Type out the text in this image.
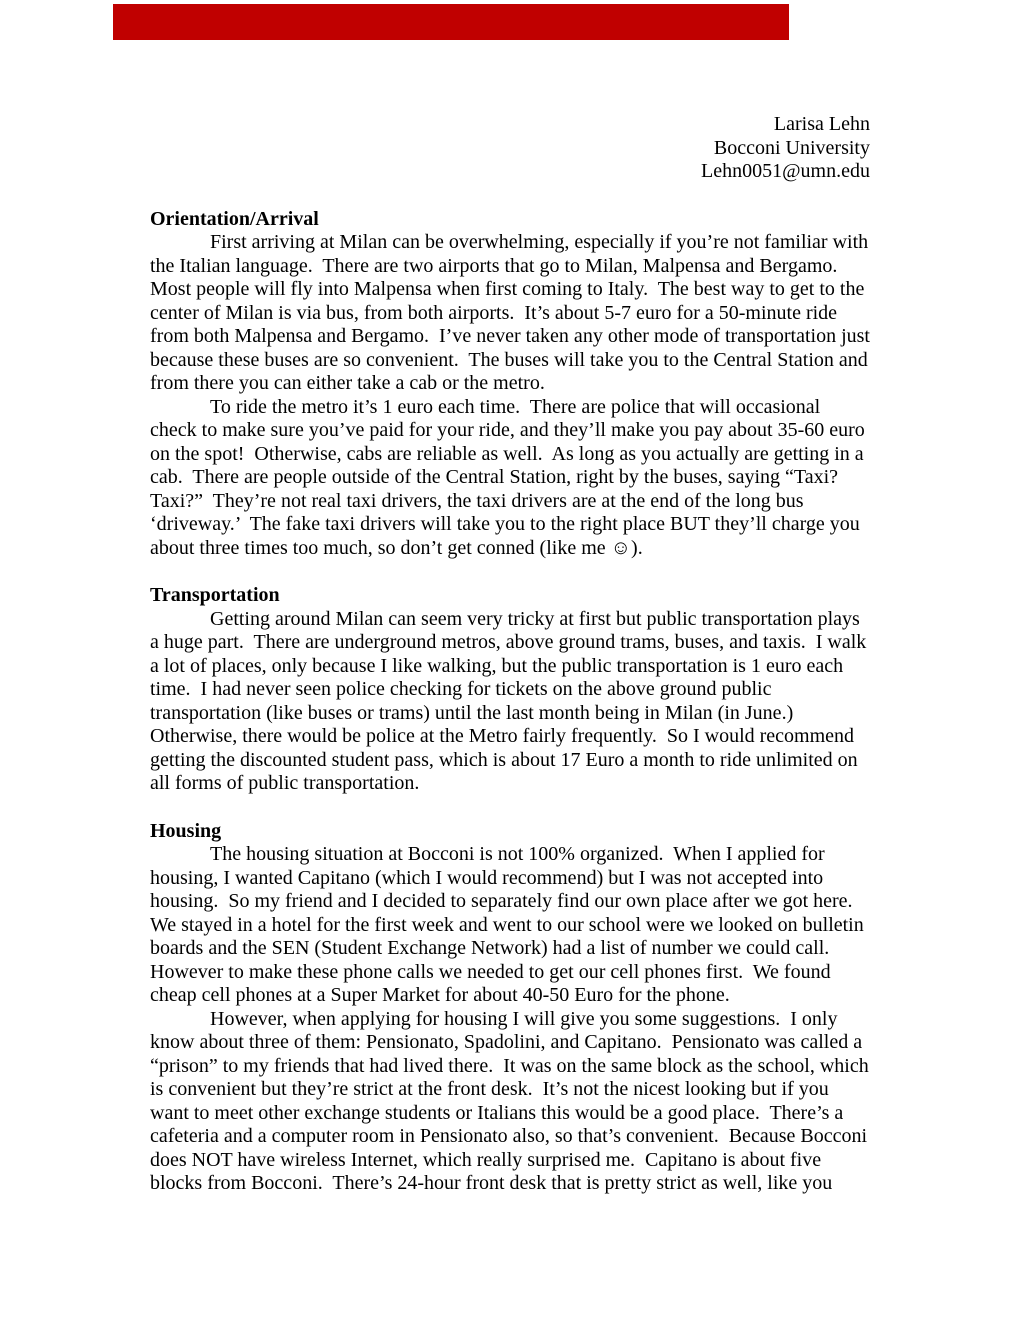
Larisa Lehn
Bocconi University
Lehn0051@umn.edu
Orientation/Arrival

First arriving at Milan can be overwhelming, especially if you’re not familiar with the Italian language.  There are two airports that go to Milan, Malpensa and Bergamo.  Most people will fly into Malpensa when first coming to Italy.  The best way to get to the center of Milan is via bus, from both airports.  It’s about 5-7 euro for a 50-minute ride from both Malpensa and Bergamo.  I’ve never taken any other mode of transportation just because these buses are so convenient.  The buses will take you to the Central Station and from there you can either take a cab or the metro.

To ride the metro it’s 1 euro each time.  There are police that will occasional check to make sure you’ve paid for your ride, and they’ll make you pay about 35-60 euro on the spot!  Otherwise, cabs are reliable as well.  As long as you actually are getting in a cab.  There are people outside of the Central Station, right by the buses, saying “Taxi? Taxi?”  They’re not real taxi drivers, the taxi drivers are at the end of the long bus ‘driveway.’  The fake taxi drivers will take you to the right place BUT they’ll charge you about three times too much, so don’t get conned (like me ☺).

Transportation

Getting around Milan can seem very tricky at first but public transportation plays a huge part.  There are underground metros, above ground trams, buses, and taxis.  I walk a lot of places, only because I like walking, but the public transportation is 1 euro each time.  I had never seen police checking for tickets on the above ground public transportation (like buses or trams) until the last month being in Milan (in June.) Otherwise, there would be police at the Metro fairly frequently.  So I would recommend getting the discounted student pass, which is about 17 Euro a month to ride unlimited on all forms of public transportation.

Housing

The housing situation at Bocconi is not 100% organized.  When I applied for housing, I wanted Capitano (which I would recommend) but I was not accepted into housing.  So my friend and I decided to separately find our own place after we got here.  We stayed in a hotel for the first week and went to our school were we looked on bulletin boards and the SEN (Student Exchange Network) had a list of number we could call.  However to make these phone calls we needed to get our cell phones first.  We found cheap cell phones at a Super Market for about 40-50 Euro for the phone.

However, when applying for housing I will give you some suggestions.  I only know about three of them: Pensionato, Spadolini, and Capitano.  Pensionato was called a “prison” to my friends that had lived there.  It was on the same block as the school, which is convenient but they’re strict at the front desk.  It’s not the nicest looking but if you want to meet other exchange students or Italians this would be a good place.  There’s a cafeteria and a computer room in Pensionato also, so that’s convenient.  Because Bocconi does NOT have wireless Internet, which really surprised me.  Capitano is about five blocks from Bocconi.  There’s 24-hour front desk that is pretty strict as well, like you
